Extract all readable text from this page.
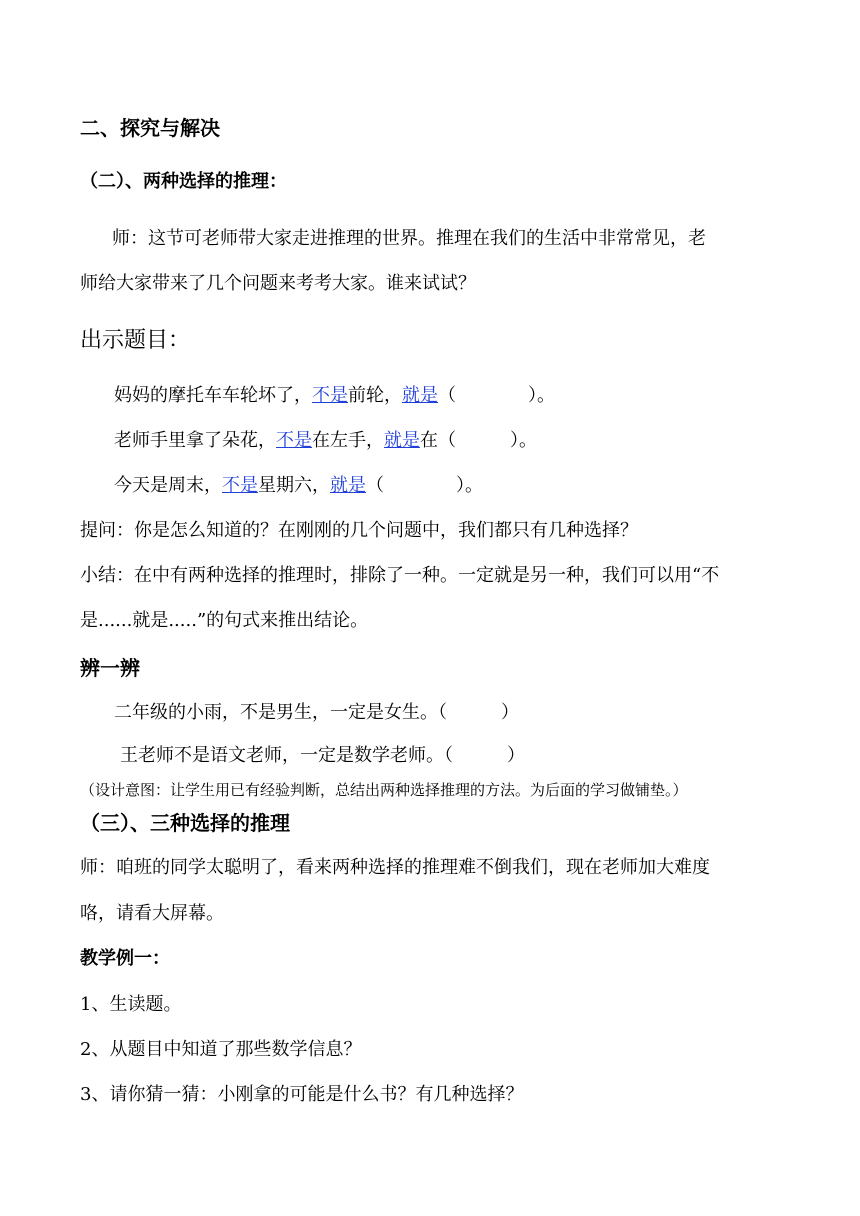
二、探究与解决
（二）、两种选择的推理：
师：这节可老师带大家走进推理的世界。推理在我们的生活中非常常见，老
师给大家带来了几个问题来考考大家。谁来试试？
出示题目：
妈妈的摩托车车轮坏了，不是前轮，就是（　　　　）。
老师手里拿了朵花，不是在左手，就是在（　　　）。
今天是周末，不是星期六，就是（　　　　）。
提问：你是怎么知道的？在刚刚的几个问题中，我们都只有几种选择？
小结：在中有两种选择的推理时，排除了一种。一定就是另一种，我们可以用“不
是......就是.....”的句式来推出结论。
辨一辨
二年级的小雨，不是男生，一定是女生。（　　　）
王老师不是语文老师，一定是数学老师。（　　　）
（设计意图：让学生用已有经验判断，总结出两种选择推理的方法。为后面的学习做铺垫。）
（三）、三种选择的推理
师：咱班的同学太聪明了，看来两种选择的推理难不倒我们，现在老师加大难度
咯，请看大屏幕。
教学例一：
1、生读题。
2、从题目中知道了那些数学信息？
3、请你猜一猜：小刚拿的可能是什么书？有几种选择？
